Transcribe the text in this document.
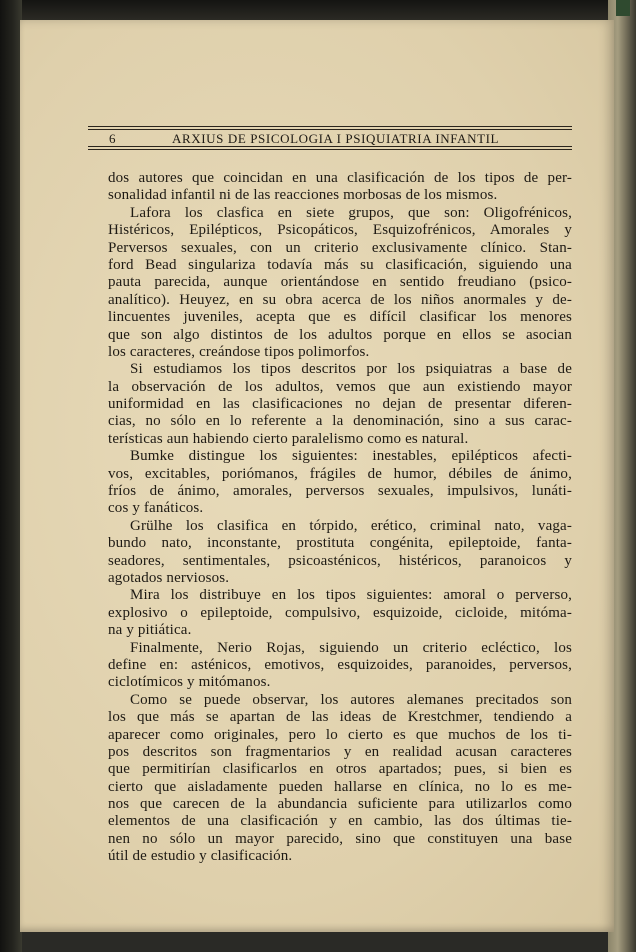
6	ARXIUS DE PSICOLOGIA I PSIQUIATRIA INFANTIL
dos autores que coincidan en una clasificación de los tipos de per-
sonalidad infantil ni de las reacciones morbosas de los mismos.
Lafora los clasfica en siete grupos, que son: Oligofrénicos,
Histéricos, Epilépticos, Psicopáticos, Esquizofrénicos, Amorales y
Perversos sexuales, con un criterio exclusivamente clínico. Stan-
ford Bead singulariza todavía más su clasificación, siguiendo una
pauta parecida, aunque orientándose en sentido freudiano (psico-
analítico). Heuyez, en su obra acerca de los niños anormales y de-
lincuentes juveniles, acepta que es difícil clasificar los menores
que son algo distintos de los adultos porque en ellos se asocian
los caracteres, creándose tipos polimorfos.
Si estudiamos los tipos descritos por los psiquiatras a base de
la observación de los adultos, vemos que aun existiendo mayor
uniformidad en las clasificaciones no dejan de presentar diferen-
cias, no sólo en lo referente a la denominación, sino a sus carac-
terísticas aun habiendo cierto paralelismo como es natural.
Bumke distingue los siguientes: inestables, epilépticos afecti-
vos, excitables, poriómanos, frágiles de humor, débiles de ánimo,
fríos de ánimo, amorales, perversos sexuales, impulsivos, lunáti-
cos y fanáticos.
Grülhe los clasifica en tórpido, erético, criminal nato, vaga-
bundo nato, inconstante, prostituta congénita, epileptoide, fanta-
seadores, sentimentales, psicoasténicos, histéricos, paranoicos y
agotados nerviosos.
Mira los distribuye en los tipos siguientes: amoral o perverso,
explosivo o epileptoide, compulsivo, esquizoide, cicloide, mitóma-
na y pitiática.
Finalmente, Nerio Rojas, siguiendo un criterio ecléctico, los
define en: asténicos, emotivos, esquizoides, paranoides, perversos,
ciclotímicos y mitómanos.
Como se puede observar, los autores alemanes precitados son
los que más se apartan de las ideas de Krestchmer, tendiendo a
aparecer como originales, pero lo cierto es que muchos de los ti-
pos descritos son fragmentarios y en realidad acusan caracteres
que permitirían clasificarlos en otros apartados; pues, si bien es
cierto que aisladamente pueden hallarse en clínica, no lo es me-
nos que carecen de la abundancia suficiente para utilizarlos como
elementos de una clasificación y en cambio, las dos últimas tie-
nen no sólo un mayor parecido, sino que constituyen una base
útil de estudio y clasificación.
